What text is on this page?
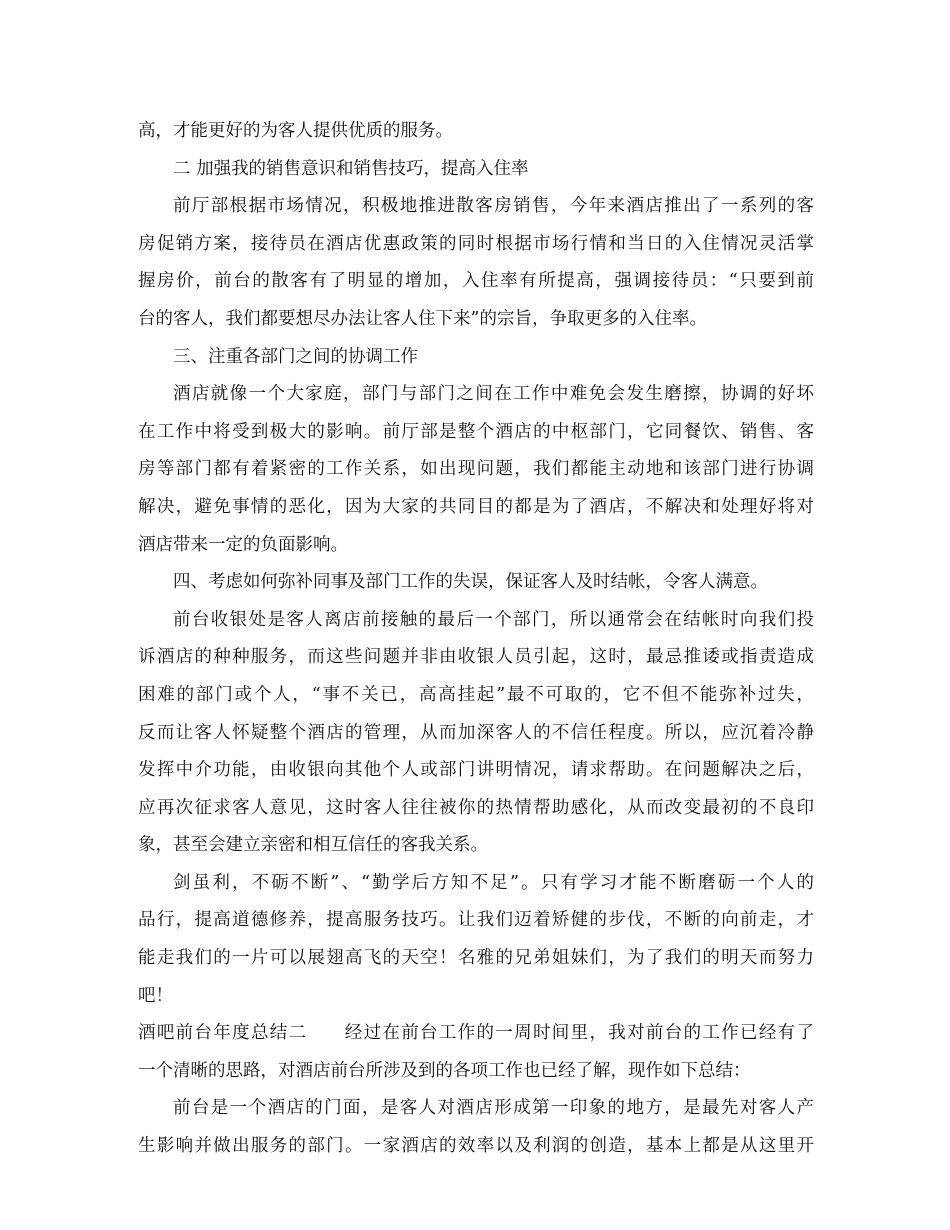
高，才能更好的为客人提供优质的服务。
二 加强我的销售意识和销售技巧，提高入住率
前厅部根据市场情况，积极地推进散客房销售，今年来酒店推出了一系列的客
房促销方案，接待员在酒店优惠政策的同时根据市场行情和当日的入住情况灵活掌
握房价，前台的散客有了明显的增加，入住率有所提高，强调接待员：“只要到前
台的客人，我们都要想尽办法让客人住下来”的宗旨，争取更多的入住率。
三、注重各部门之间的协调工作
酒店就像一个大家庭，部门与部门之间在工作中难免会发生磨擦，协调的好坏
在工作中将受到极大的影响。前厅部是整个酒店的中枢部门，它同餐饮、销售、客
房等部门都有着紧密的工作关系，如出现问题，我们都能主动地和该部门进行协调
解决，避免事情的恶化，因为大家的共同目的都是为了酒店，不解决和处理好将对
酒店带来一定的负面影响。
四、考虑如何弥补同事及部门工作的失误，保证客人及时结帐，令客人满意。
前台收银处是客人离店前接触的最后一个部门，所以通常会在结帐时向我们投
诉酒店的种种服务，而这些问题并非由收银人员引起，这时，最忌推诿或指责造成
困难的部门或个人，“事不关已，高高挂起”最不可取的，它不但不能弥补过失，
反而让客人怀疑整个酒店的管理，从而加深客人的不信任程度。所以，应沉着冷静
发挥中介功能，由收银向其他个人或部门讲明情况，请求帮助。在问题解决之后，
应再次征求客人意见，这时客人往往被你的热情帮助感化，从而改变最初的不良印
象，甚至会建立亲密和相互信任的客我关系。
剑虽利，不砺不断”、“勤学后方知不足”。只有学习才能不断磨砺一个人的
品行，提高道德修养，提高服务技巧。让我们迈着矫健的步伐，不断的向前走，才
能走我们的一片可以展翅高飞的天空！名雅的兄弟姐妹们，为了我们的明天而努力
吧！
酒吧前台年度总结二 经过在前台工作的一周时间里，我对前台的工作已经有了
一个清晰的思路，对酒店前台所涉及到的各项工作也已经了解，现作如下总结：
前台是一个酒店的门面，是客人对酒店形成第一印象的地方，是最先对客人产
生影响并做出服务的部门。一家酒店的效率以及利润的创造，基本上都是从这里开
